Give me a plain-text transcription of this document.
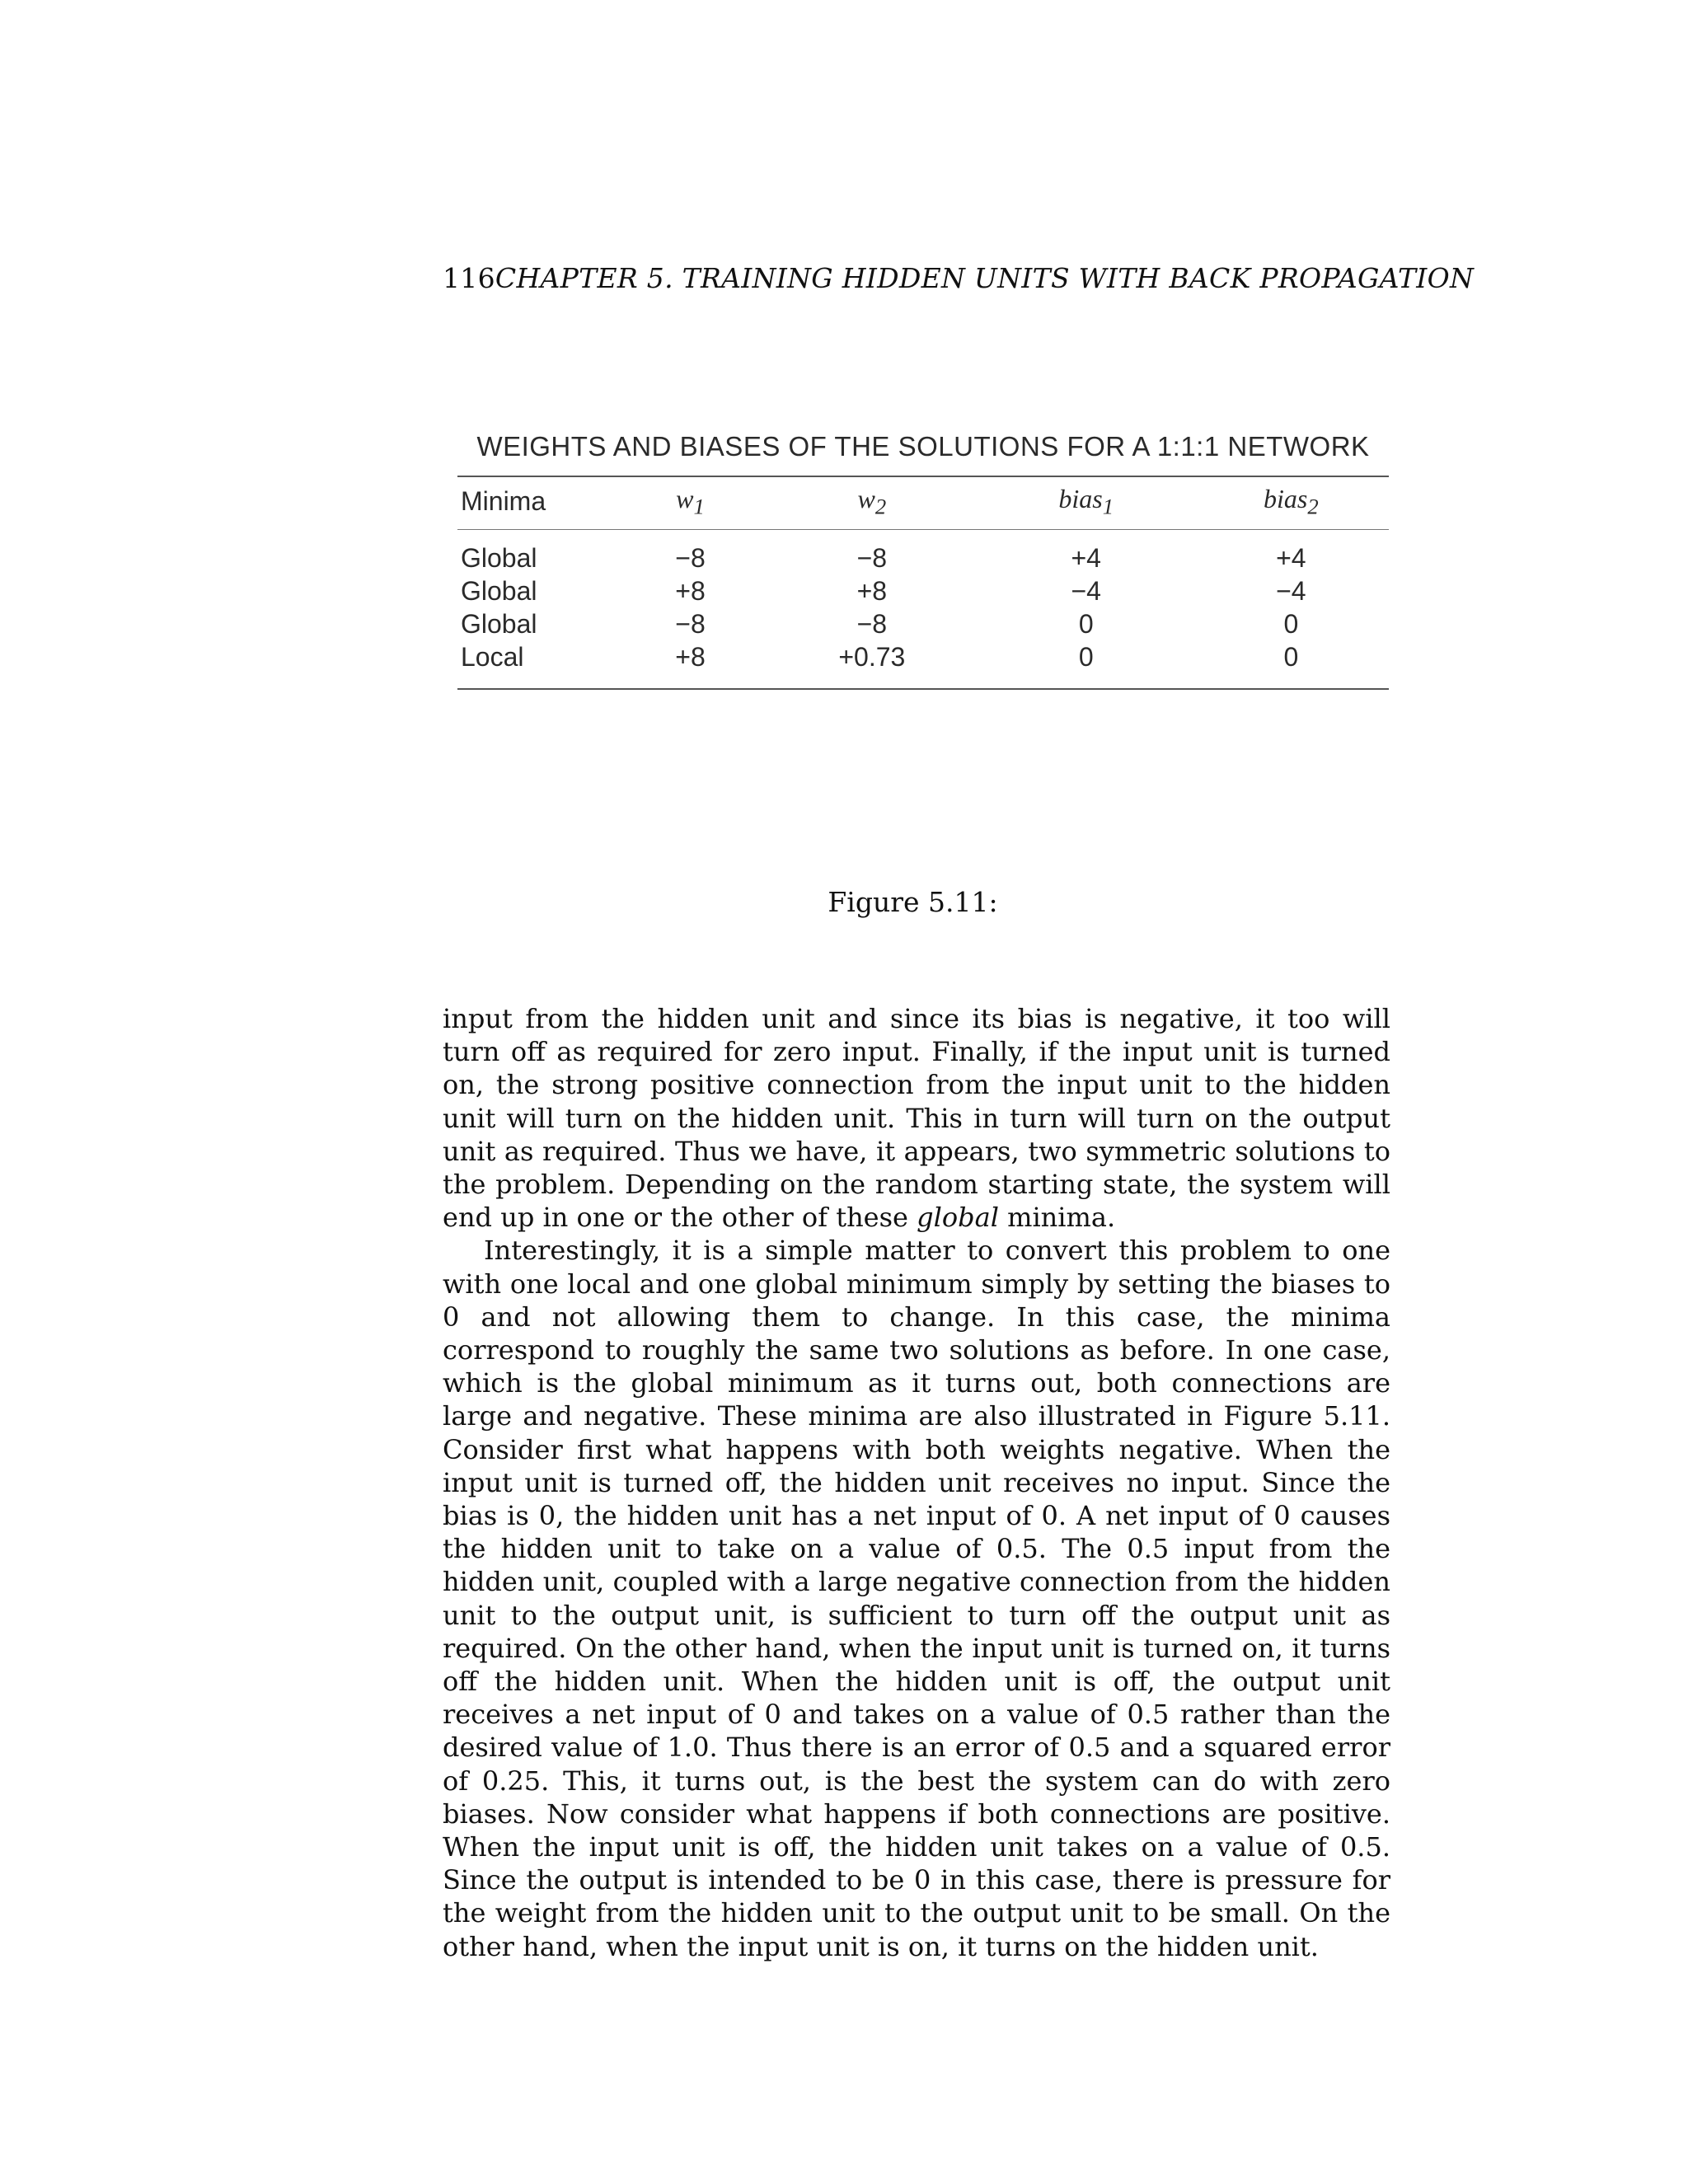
116CHAPTER 5. TRAINING HIDDEN UNITS WITH BACK PROPAGATION
WEIGHTS AND BIASES OF THE SOLUTIONS FOR A 1:1:1 NETWORK
Minima	$w_1$	$w_2$	bias$_1$	bias$_2$

Global	−8	−8	+4	+4
Global	+8	+8	−4	−4
Global	−8	−8	0	0
Local	+8	+0.73	0	0
Figure 5.11:

input from the hidden unit and since its bias is negative, it too will turn off as required for zero input. Finally, if the input unit is turned on, the strong positive connection from the input unit to the hidden unit will turn on the hidden unit. This in turn will turn on the output unit as required. Thus we have, it appears, two symmetric solutions to the problem. Depending on the random starting state, the system will end up in one or the other of these global minima.

Interestingly, it is a simple matter to convert this problem to one with one local and one global minimum simply by setting the biases to 0 and not allowing them to change. In this case, the minima correspond to roughly the same two solutions as before. In one case, which is the global minimum as it turns out, both connections are large and negative. These minima are also illustrated in Figure 5.11. Consider first what happens with both weights negative. When the input unit is turned off, the hidden unit receives no input. Since the bias is 0, the hidden unit has a net input of 0. A net input of 0 causes the hidden unit to take on a value of 0.5. The 0.5 input from the hidden unit, coupled with a large negative connection from the hidden unit to the output unit, is sufficient to turn off the output unit as required. On the other hand, when the input unit is turned on, it turns off the hidden unit. When the hidden unit is off, the output unit receives a net input of 0 and takes on a value of 0.5 rather than the desired value of 1.0. Thus there is an error of 0.5 and a squared error of 0.25. This, it turns out, is the best the system can do with zero biases. Now consider what happens if both connections are positive. When the input unit is off, the hidden unit takes on a value of 0.5. Since the output is intended to be 0 in this case, there is pressure for the weight from the hidden unit to the output unit to be small. On the other hand, when the input unit is on, it turns on the hidden unit.
